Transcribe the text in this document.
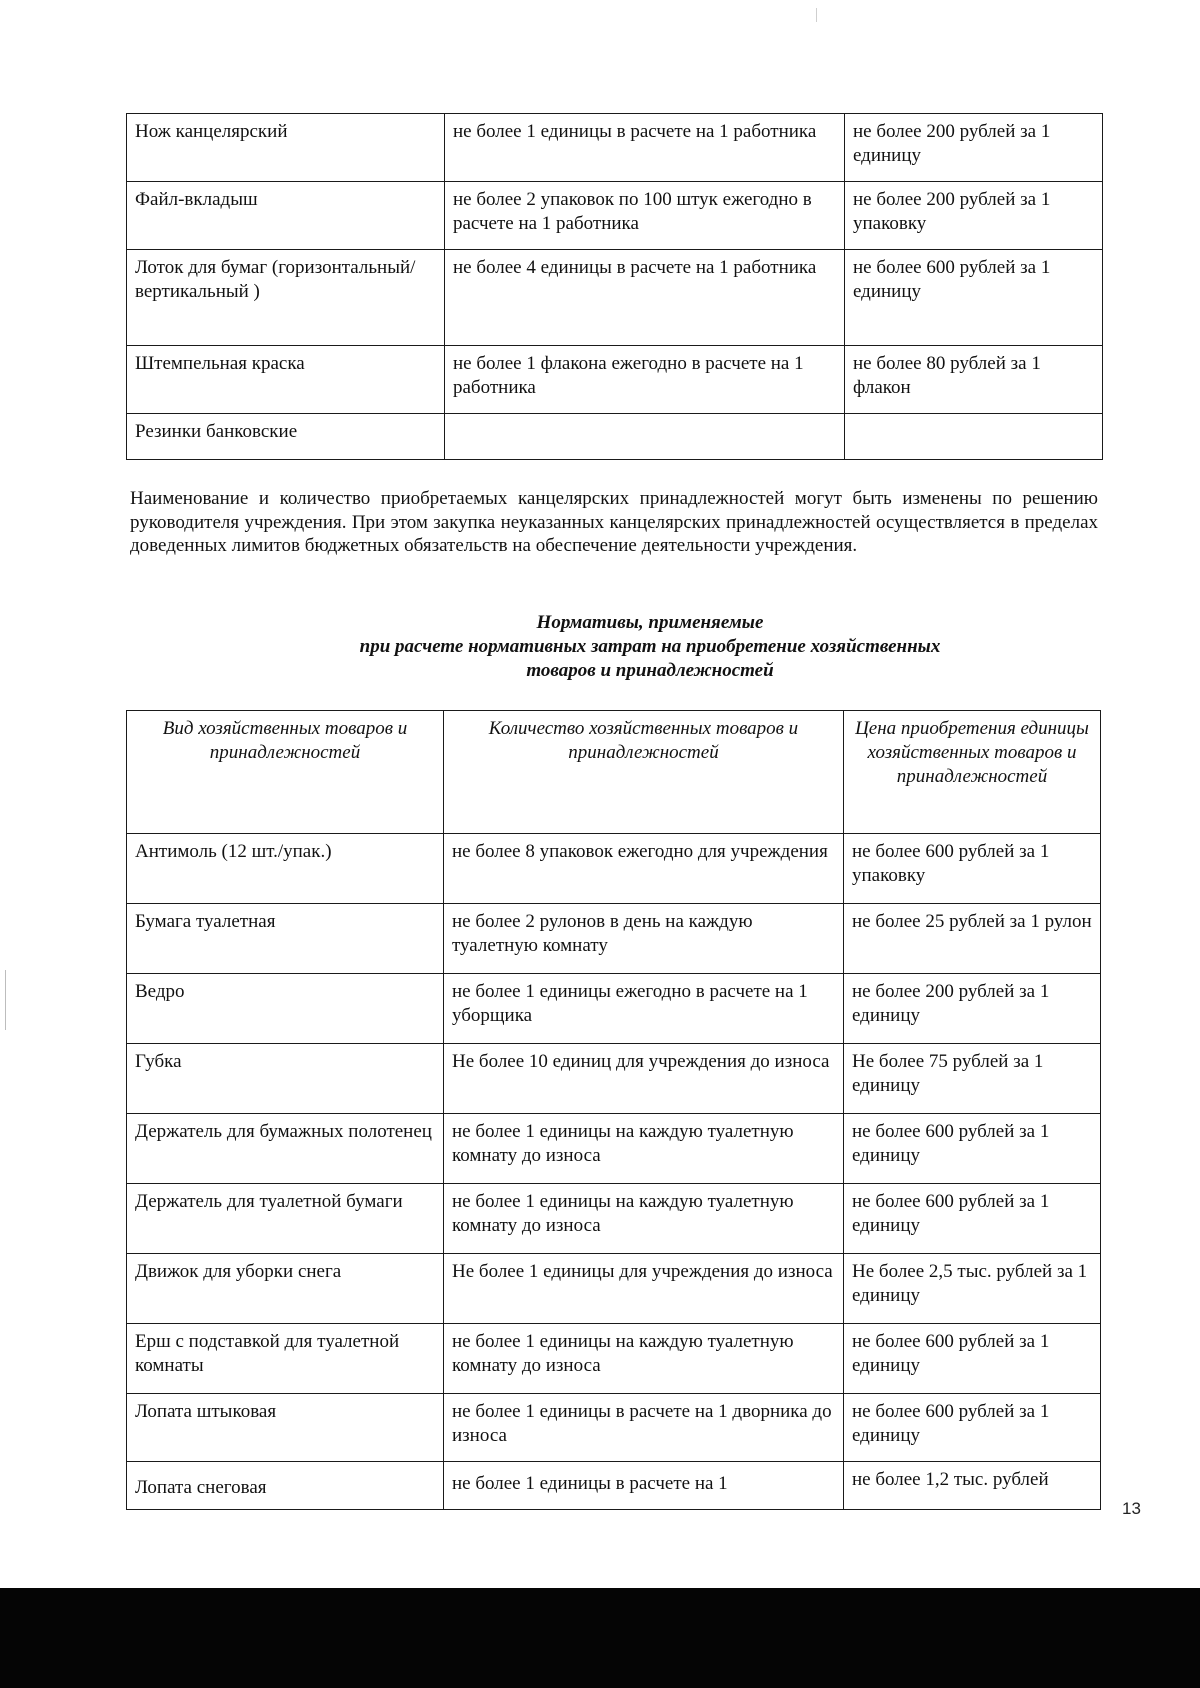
Нож канцелярский	не более 1 единицы в расчете на 1 работника	не более 200 рублей за 1 единицу
Файл-вкладыш	не более 2 упаковок по 100 штук ежегодно в расчете на 1 работника	не более 200 рублей за 1 упаковку
Лоток для бумаг (горизонтальный/вертикальный )	не более 4 единицы в расчете на 1 работника	не более 600 рублей за 1 единицу
Штемпельная краска	не более 1 флакона ежегодно в расчете на 1 работника	не более 80 рублей за 1 флакон
Резинки банковские		
Наименование и количество приобретаемых канцелярских принадлежностей могут быть изменены по решению руководителя учреждения. При этом закупка неуказанных канцелярских принадлежностей осуществляется в пределах доведенных лимитов бюджетных обязательств на обеспечение деятельности учреждения.
Нормативы, применяемые
при расчете нормативных затрат на приобретение хозяйственных
товаров и принадлежностей
Вид хозяйственных товаров и принадлежностей	Количество хозяйственных товаров и принадлежностей	Цена приобретения единицы хозяйственных товаров и принадлежностей
Антимоль (12 шт./упак.)	не более 8 упаковок ежегодно для учреждения	не более 600 рублей за 1 упаковку
Бумага туалетная	не более 2 рулонов в день на каждую туалетную комнату	не более 25 рублей за 1 рулон
Ведро	не более 1 единицы ежегодно в расчете на 1 уборщика	не более 200 рублей за 1 единицу
Губка	Не более 10 единиц для учреждения до износа	Не более 75 рублей за 1 единицу
Держатель для бумажных полотенец	не более 1 единицы на каждую туалетную комнату до износа	не более 600 рублей за 1 единицу
Держатель для туалетной бумаги	не более 1 единицы на каждую туалетную комнату до износа	не более 600 рублей за 1 единицу
Движок для уборки снега	Не более 1 единицы для учреждения до износа	Не более 2,5 тыс. рублей за 1 единицу
Ерш с подставкой для туалетной комнаты	не более 1 единицы на каждую туалетную комнату до износа	не более 600 рублей за 1 единицу
Лопата штыковая	не более 1 единицы в расчете на 1 дворника до износа	не более 600 рублей за 1 единицу
Лопата снеговая	не более 1 единицы в расчете на 1	не более 1,2 тыс. рублей
13
